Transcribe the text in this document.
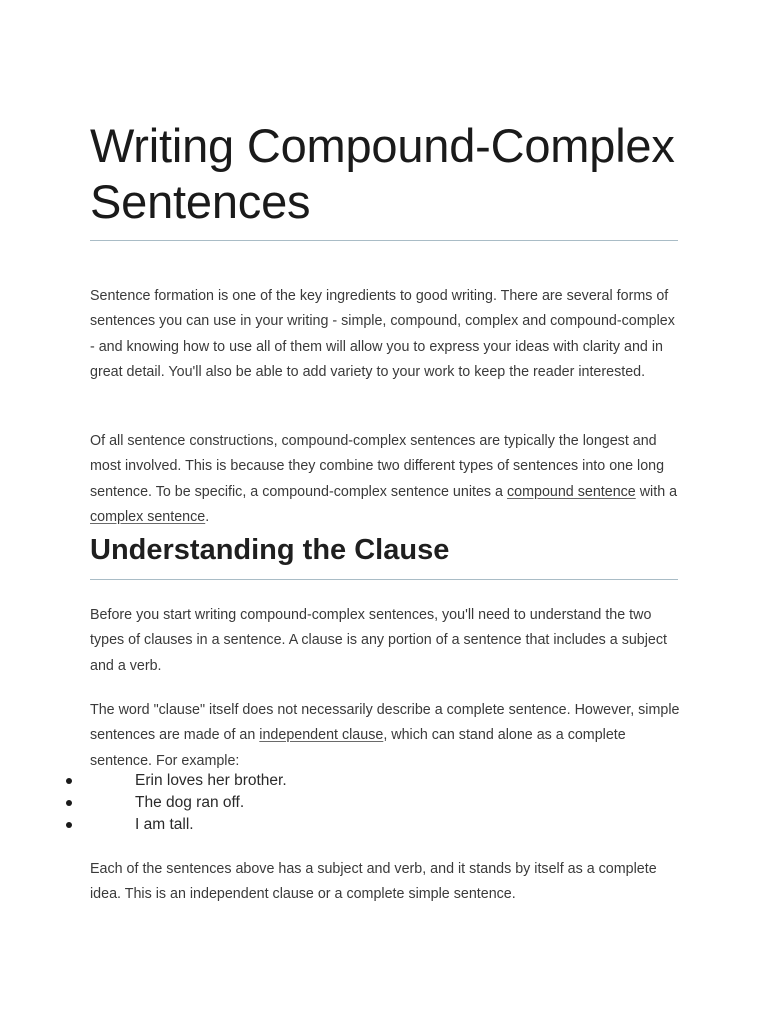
Writing Compound-Complex Sentences

Sentence formation is one of the key ingredients to good writing. There are several forms of sentences you can use in your writing - simple, compound, complex and compound-complex - and knowing how to use all of them will allow you to express your ideas with clarity and in great detail. You'll also be able to add variety to your work to keep the reader interested.

Of all sentence constructions, compound-complex sentences are typically the longest and most involved. This is because they combine two different types of sentences into one long sentence. To be specific, a compound-complex sentence unites a compound sentence with a complex sentence.

Understanding the Clause

Before you start writing compound-complex sentences, you'll need to understand the two types of clauses in a sentence. A clause is any portion of a sentence that includes a subject and a verb.

The word "clause" itself does not necessarily describe a complete sentence. However, simple sentences are made of an independent clause, which can stand alone as a complete sentence. For example:

Erin loves her brother.
The dog ran off.
I am tall.

Each of the sentences above has a subject and verb, and it stands by itself as a complete idea. This is an independent clause or a complete simple sentence.
